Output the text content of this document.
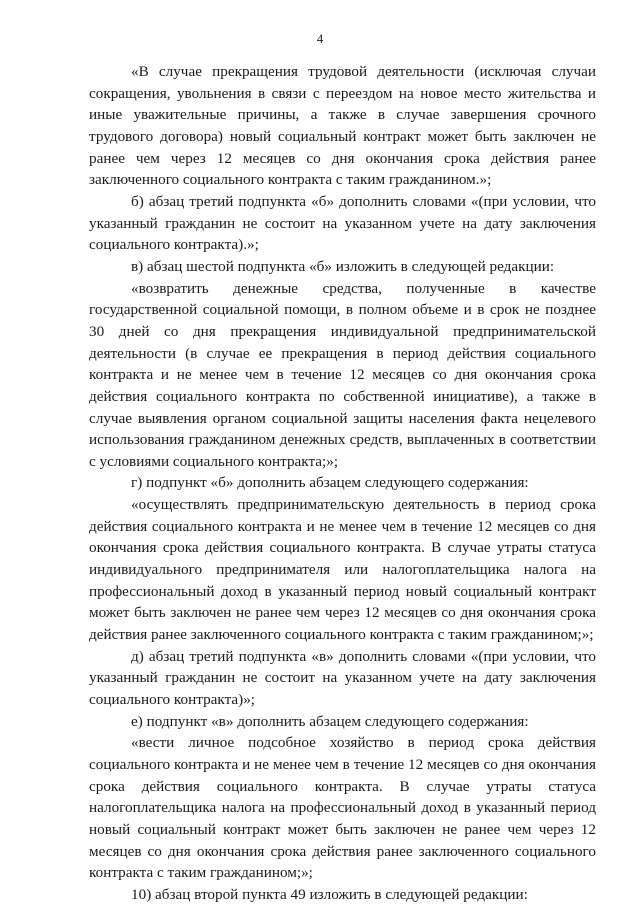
4

«В случае прекращения трудовой деятельности (исключая случаи сокращения, увольнения в связи с переездом на новое место жительства и иные уважительные причины, а также в случае завершения срочного трудового договора) новый социальный контракт может быть заключен не ранее чем через 12 месяцев со дня окончания срока действия ранее заключенного социального контракта с таким гражданином.»;

б) абзац третий подпункта «б» дополнить словами «(при условии, что указанный гражданин не состоит на указанном учете на дату заключения социального контракта).»;

в) абзац шестой подпункта «б» изложить в следующей редакции:

«возвратить денежные средства, полученные в качестве государственной социальной помощи, в полном объеме и в срок не позднее 30 дней со дня прекращения индивидуальной предпринимательской деятельности (в случае ее прекращения в период действия социального контракта и не менее чем в течение 12 месяцев со дня окончания срока действия социального контракта по собственной инициативе), а также в случае выявления органом социальной защиты населения факта нецелевого использования гражданином денежных средств, выплаченных в соответствии с условиями социального контракта;»;

г) подпункт «б» дополнить абзацем следующего содержания:

«осуществлять предпринимательскую деятельность в период срока действия социального контракта и не менее чем в течение 12 месяцев со дня окончания срока действия социального контракта. В случае утраты статуса индивидуального предпринимателя или налогоплательщика налога на профессиональный доход в указанный период новый социальный контракт может быть заключен не ранее чем через 12 месяцев со дня окончания срока действия ранее заключенного социального контракта с таким гражданином;»;

д) абзац третий подпункта «в» дополнить словами «(при условии, что указанный гражданин не состоит на указанном учете на дату заключения социального контракта)»;

е) подпункт «в» дополнить абзацем следующего содержания:

«вести личное подсобное хозяйство в период срока действия социального контракта и не менее чем в течение 12 месяцев со дня окончания срока действия социального контракта. В случае утраты статуса налогоплательщика налога на профессиональный доход в указанный период новый социальный контракт может быть заключен не ранее чем через 12 месяцев со дня окончания срока действия ранее заключенного социального контракта с таким гражданином;»;

10) абзац второй пункта 49 изложить в следующей редакции:
